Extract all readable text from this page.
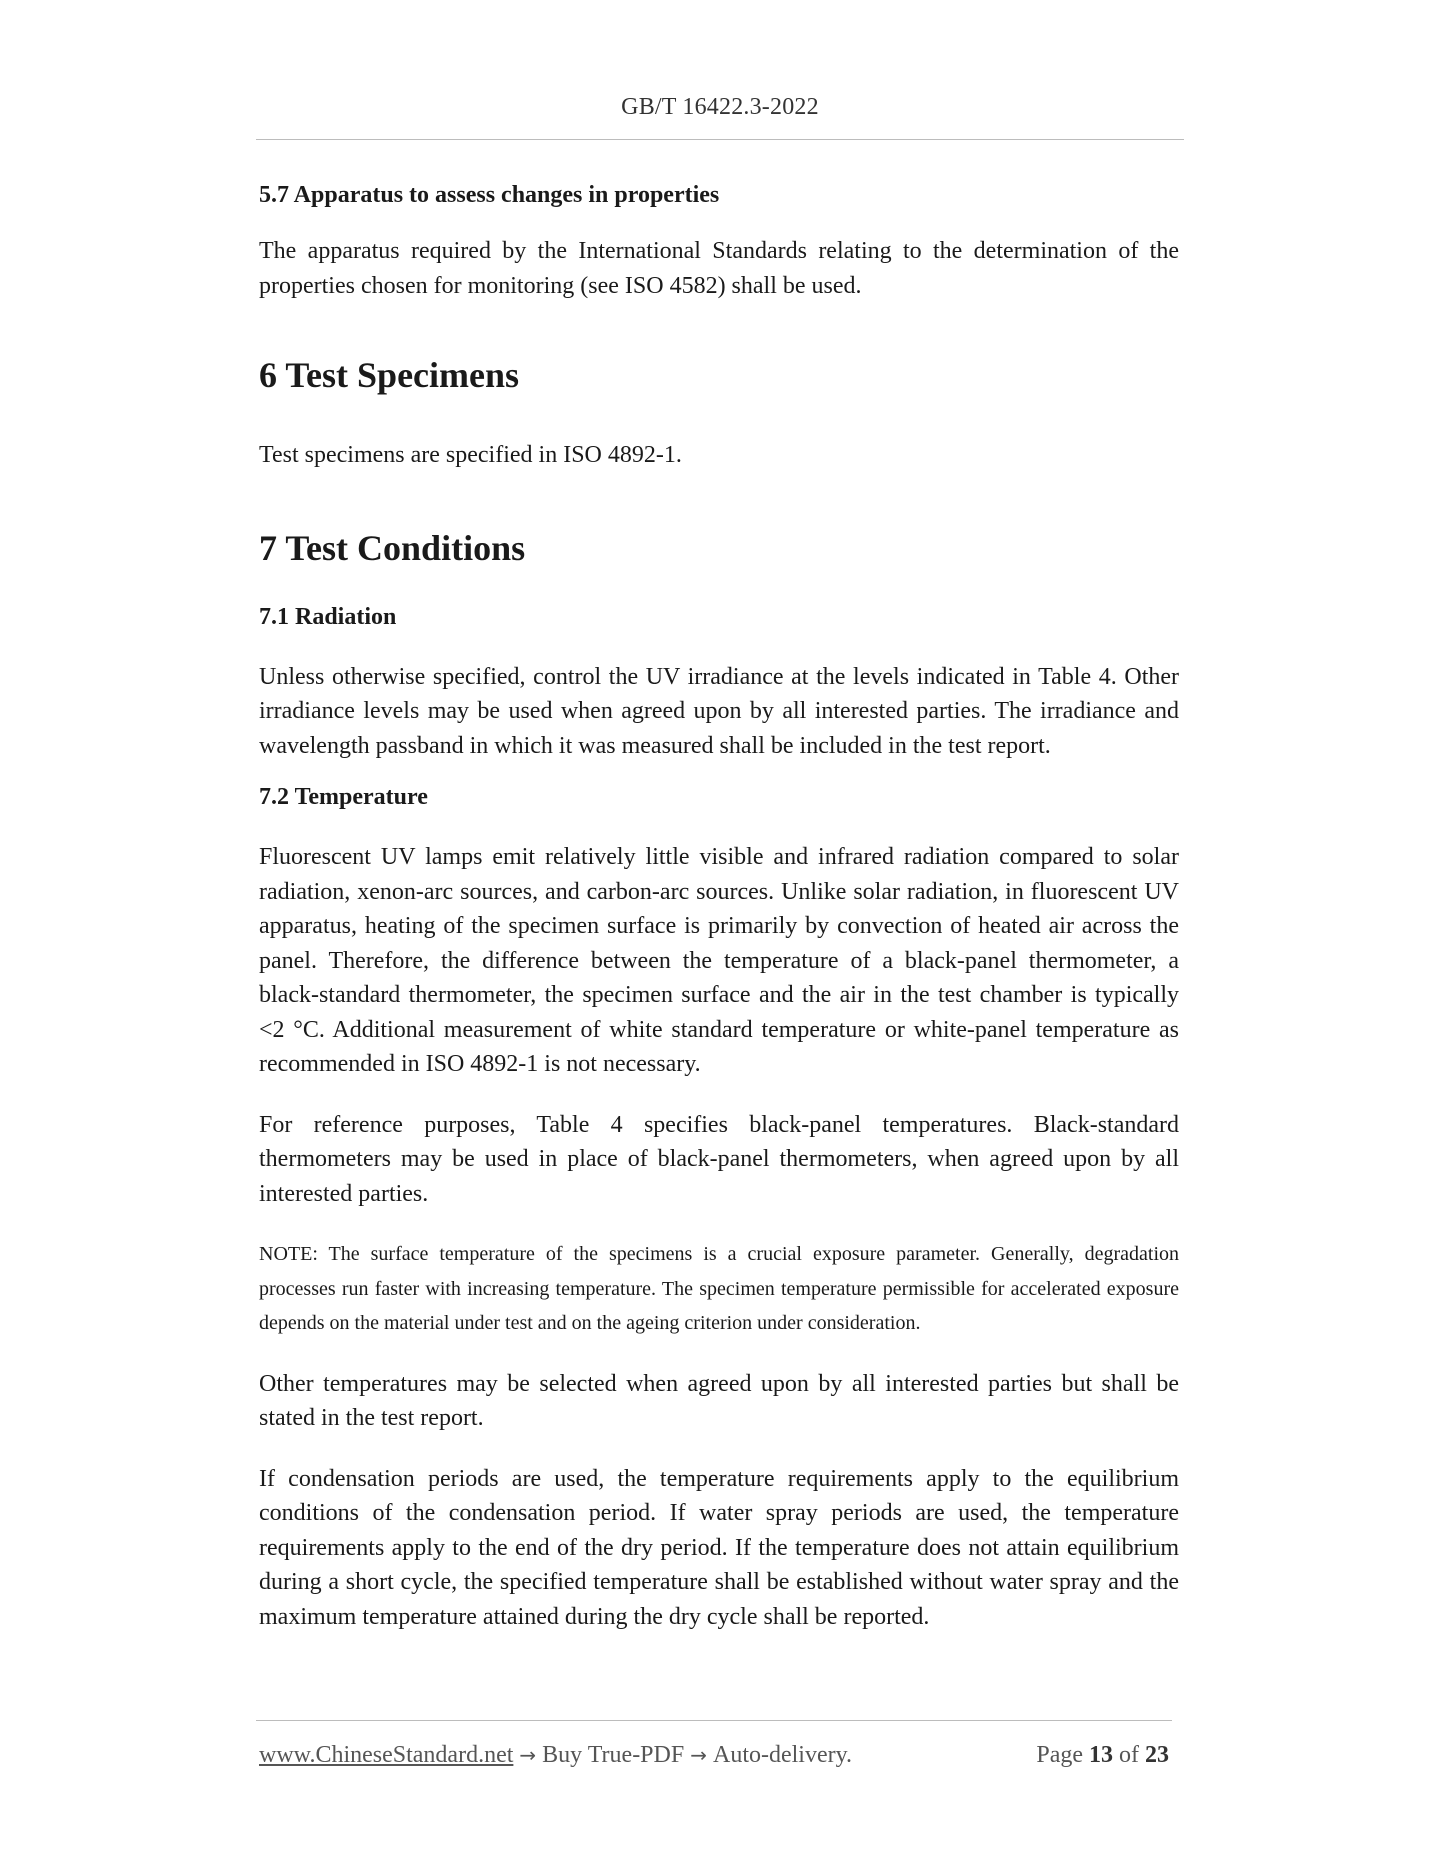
GB/T 16422.3-2022

5.7 Apparatus to assess changes in properties

The apparatus required by the International Standards relating to the determination of the properties chosen for monitoring (see ISO 4582) shall be used.

6 Test Specimens

Test specimens are specified in ISO 4892-1.

7 Test Conditions

7.1 Radiation

Unless otherwise specified, control the UV irradiance at the levels indicated in Table 4. Other irradiance levels may be used when agreed upon by all interested parties. The irradiance and wavelength passband in which it was measured shall be included in the test report.

7.2 Temperature

Fluorescent UV lamps emit relatively little visible and infrared radiation compared to solar radiation, xenon-arc sources, and carbon-arc sources. Unlike solar radiation, in fluorescent UV apparatus, heating of the specimen surface is primarily by convection of heated air across the panel. Therefore, the difference between the temperature of a black-panel thermometer, a black-standard thermometer, the specimen surface and the air in the test chamber is typically <2 °C. Additional measurement of white standard temperature or white-panel temperature as recommended in ISO 4892-1 is not necessary.

For reference purposes, Table 4 specifies black-panel temperatures. Black-standard thermometers may be used in place of black-panel thermometers, when agreed upon by all interested parties.

NOTE: The surface temperature of the specimens is a crucial exposure parameter. Generally, degradation processes run faster with increasing temperature. The specimen temperature permissible for accelerated exposure depends on the material under test and on the ageing criterion under consideration.

Other temperatures may be selected when agreed upon by all interested parties but shall be stated in the test report.

If condensation periods are used, the temperature requirements apply to the equilibrium conditions of the condensation period. If water spray periods are used, the temperature requirements apply to the end of the dry period. If the temperature does not attain equilibrium during a short cycle, the specified temperature shall be established without water spray and the maximum temperature attained during the dry cycle shall be reported.

www.ChineseStandard.net → Buy True-PDF → Auto-delivery.	Page 13 of 23
